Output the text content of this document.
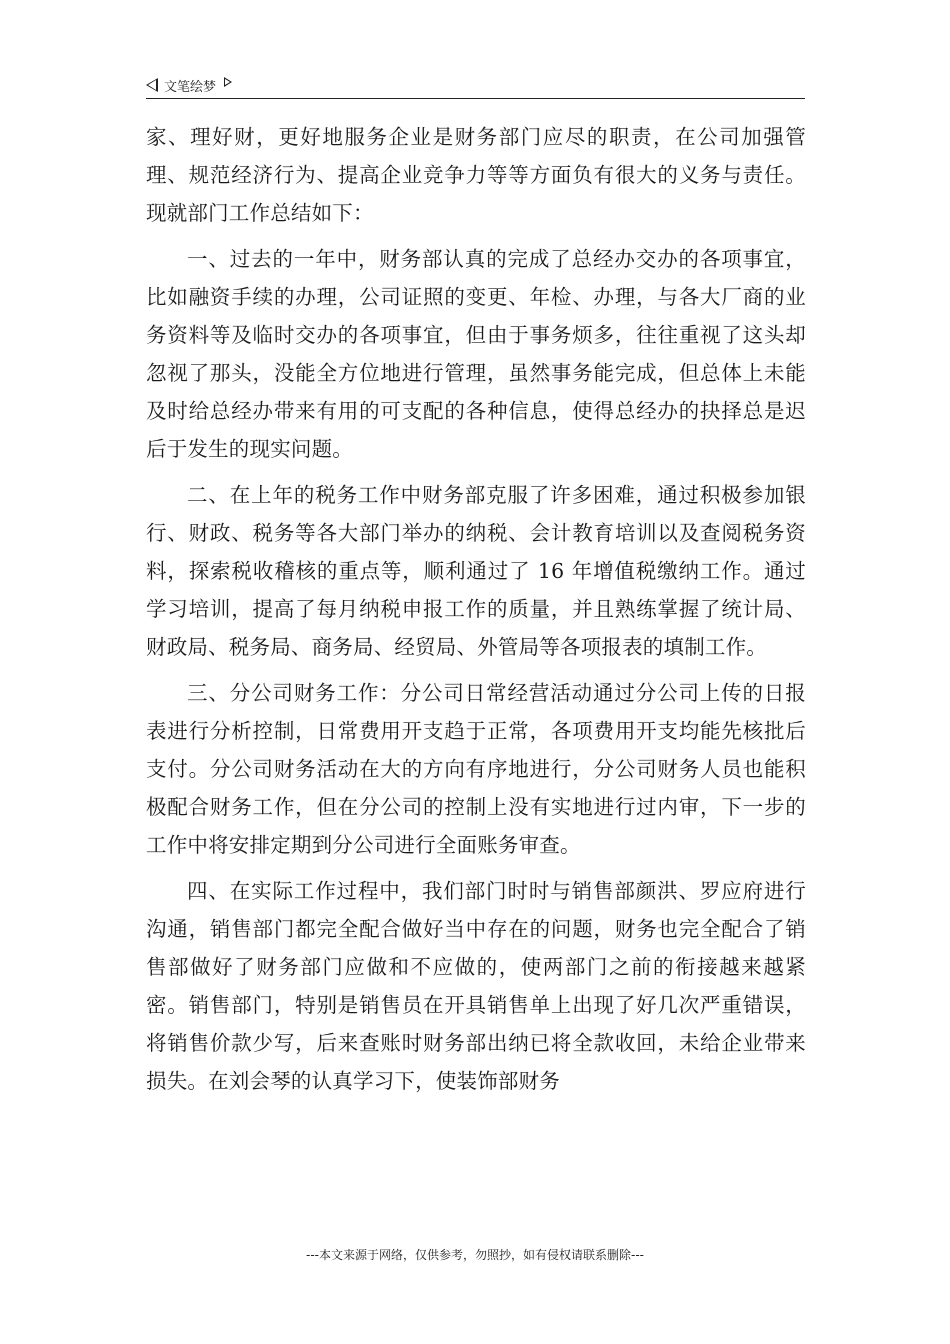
文笔绘梦

家、理好财，更好地服务企业是财务部门应尽的职责，在公司加强管理、规范经济行为、提高企业竞争力等等方面负有很大的义务与责任。现就部门工作总结如下：

一、过去的一年中，财务部认真的完成了总经办交办的各项事宜，比如融资手续的办理，公司证照的变更、年检、办理，与各大厂商的业务资料等及临时交办的各项事宜，但由于事务烦多，往往重视了这头却忽视了那头，没能全方位地进行管理，虽然事务能完成，但总体上未能及时给总经办带来有用的可支配的各种信息，使得总经办的抉择总是迟后于发生的现实问题。

二、在上年的税务工作中财务部克服了许多困难，通过积极参加银行、财政、税务等各大部门举办的纳税、会计教育培训以及查阅税务资料，探索税收稽核的重点等，顺利通过了 16 年增值税缴纳工作。通过学习培训，提高了每月纳税申报工作的质量，并且熟练掌握了统计局、财政局、税务局、商务局、经贸局、外管局等各项报表的填制工作。

三、分公司财务工作：分公司日常经营活动通过分公司上传的日报表进行分析控制，日常费用开支趋于正常，各项费用开支均能先核批后支付。分公司财务活动在大的方向有序地进行，分公司财务人员也能积极配合财务工作，但在分公司的控制上没有实地进行过内审，下一步的工作中将安排定期到分公司进行全面账务审查。

四、在实际工作过程中，我们部门时时与销售部颜洪、罗应府进行沟通，销售部门都完全配合做好当中存在的问题，财务也完全配合了销售部做好了财务部门应做和不应做的，使两部门之前的衔接越来越紧密。销售部门，特别是销售员在开具销售单上出现了好几次严重错误，将销售价款少写，后来查账时财务部出纳已将全款收回，未给企业带来损失。在刘会琴的认真学习下，使装饰部财务

---本文来源于网络，仅供参考，勿照抄，如有侵权请联系删除---
